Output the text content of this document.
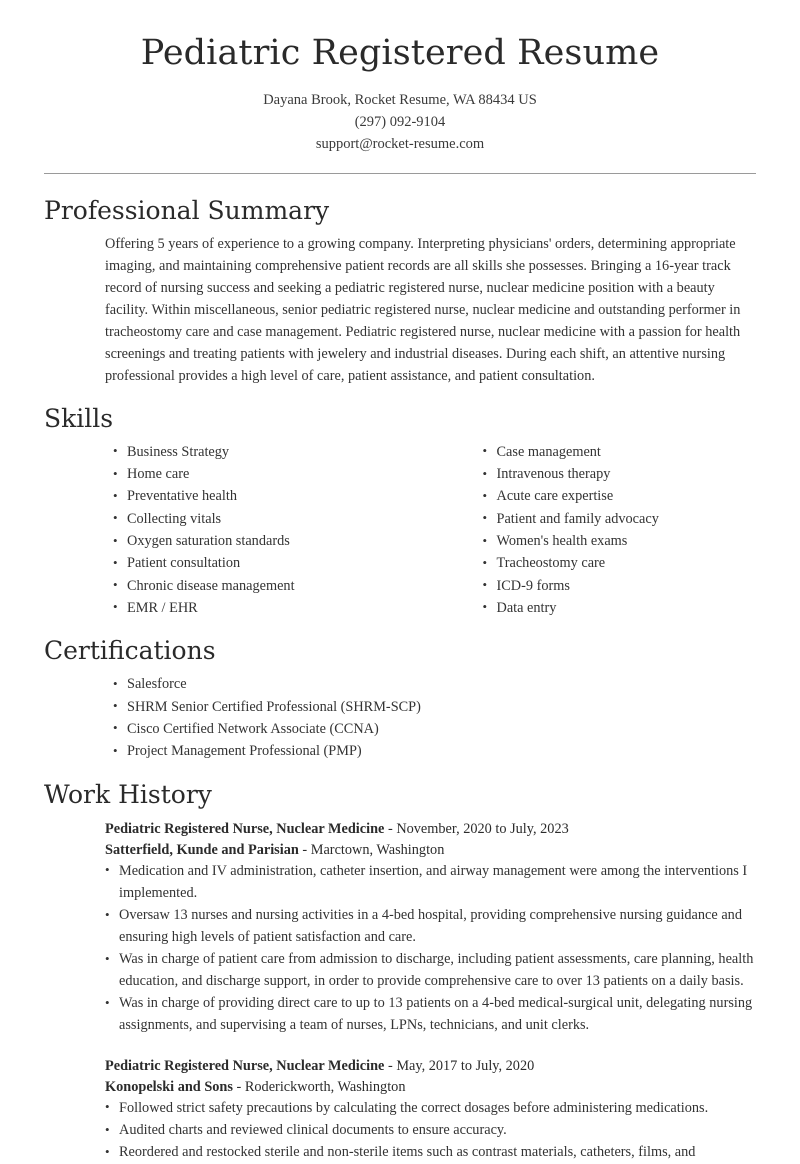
Pediatric Registered Resume

Dayana Brook, Rocket Resume, WA 88434 US

(297) 092-9104

support@rocket-resume.com

Professional Summary

Offering 5 years of experience to a growing company. Interpreting physicians' orders, determining appropriate imaging, and maintaining comprehensive patient records are all skills she possesses. Bringing a 16-year track record of nursing success and seeking a pediatric registered nurse, nuclear medicine position with a beauty facility. Within miscellaneous, senior pediatric registered nurse, nuclear medicine and outstanding performer in tracheostomy care and case management. Pediatric registered nurse, nuclear medicine with a passion for health screenings and treating patients with jewelery and industrial diseases. During each shift, an attentive nursing professional provides a high level of care, patient assistance, and patient consultation.

Skills
• Business Strategy
• Home care
• Preventative health
• Collecting vitals
• Oxygen saturation standards
• Patient consultation
• Chronic disease management
• EMR / EHR
• Case management
• Intravenous therapy
• Acute care expertise
• Patient and family advocacy
• Women's health exams
• Tracheostomy care
• ICD-9 forms
• Data entry
Certifications
• Salesforce
• SHRM Senior Certified Professional (SHRM-SCP)
• Cisco Certified Network Associate (CCNA)
• Project Management Professional (PMP)
Work History
Pediatric Registered Nurse, Nuclear Medicine - November, 2020 to July, 2023
Satterfield, Kunde and Parisian - Marctown, Washington
• Medication and IV administration, catheter insertion, and airway management were among the interventions I implemented.
• Oversaw 13 nurses and nursing activities in a 4-bed hospital, providing comprehensive nursing guidance and ensuring high levels of patient satisfaction and care.
• Was in charge of patient care from admission to discharge, including patient assessments, care planning, health education, and discharge support, in order to provide comprehensive care to over 13 patients on a daily basis.
• Was in charge of providing direct care to up to 13 patients on a 4-bed medical-surgical unit, delegating nursing assignments, and supervising a team of nurses, LPNs, technicians, and unit clerks.
Pediatric Registered Nurse, Nuclear Medicine - May, 2017 to July, 2020
Konopelski and Sons - Roderickworth, Washington
• Followed strict safety precautions by calculating the correct dosages before administering medications.
• Audited charts and reviewed clinical documents to ensure accuracy.
• Reordered and restocked sterile and non-sterile items such as contrast materials, catheters, films, and
